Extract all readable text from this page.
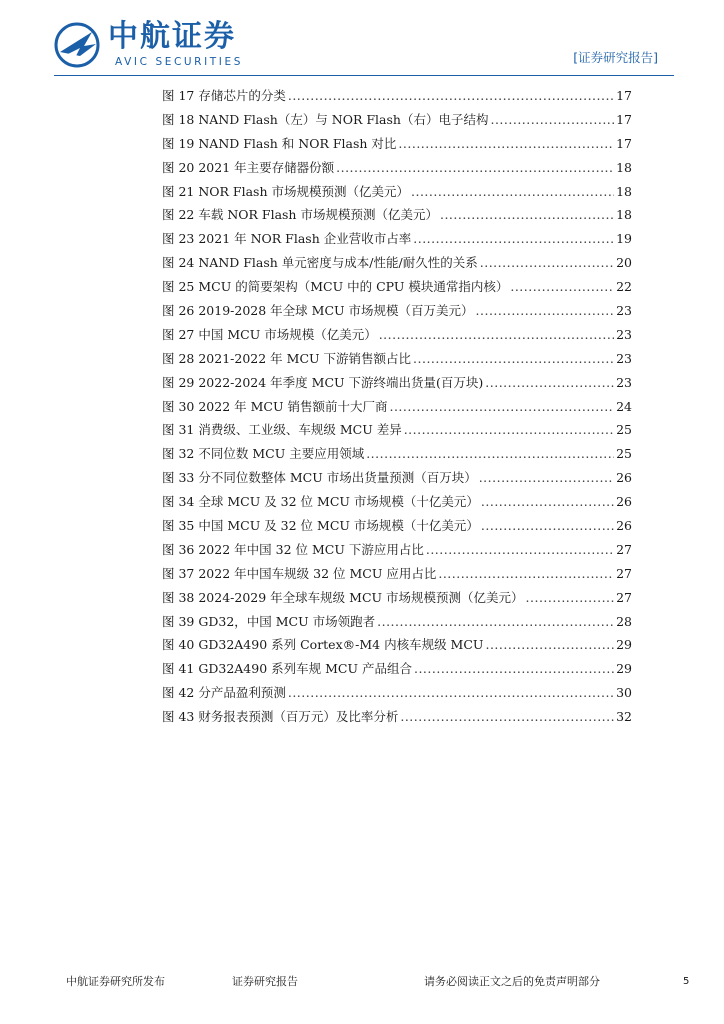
中航证券
AVIC SECURITIES	[证券研究报告]
图 17 存储芯片的分类 .....	17
图 18 NAND Flash（左）与 NOR Flash（右）电子结构 .....	17
图 19 NAND Flash 和 NOR Flash 对比 .....	17
图 20 2021 年主要存储器份额 .....	18
图 21 NOR Flash 市场规模预测（亿美元） .....	18
图 22 车载 NOR Flash 市场规模预测（亿美元） .....	18
图 23 2021 年 NOR Flash 企业营收市占率 .....	19
图 24 NAND Flash 单元密度与成本/性能/耐久性的关系 .....	20
图 25 MCU 的简要架构（MCU 中的 CPU 模块通常指内核） .....	22
图 26 2019-2028 年全球 MCU 市场规模（百万美元） .....	23
图 27 中国 MCU 市场规模（亿美元） .....	23
图 28 2021-2022 年 MCU 下游销售额占比 .....	23
图 29 2022-2024 年季度 MCU 下游终端出货量(百万块) .....	23
图 30 2022 年 MCU 销售额前十大厂商 .....	24
图 31 消费级、工业级、车规级 MCU 差异 .....	25
图 32 不同位数 MCU 主要应用领域 .....	25
图 33 分不同位数整体 MCU 市场出货量预测（百万块） .....	26
图 34 全球 MCU 及 32 位 MCU 市场规模（十亿美元） .....	26
图 35 中国 MCU 及 32 位 MCU 市场规模（十亿美元） .....	26
图 36 2022 年中国 32 位 MCU 下游应用占比 .....	27
图 37 2022 年中国车规级 32 位 MCU 应用占比 .....	27
图 38 2024-2029 年全球车规级 MCU 市场规模预测（亿美元） .....	27
图 39 GD32，中国 MCU 市场领跑者 .....	28
图 40 GD32A490 系列 Cortex®-M4 内核车规级 MCU .....	29
图 41 GD32A490 系列车规 MCU 产品组合 .....	29
图 42 分产品盈利预测 .....	30
图 43 财务报表预测（百万元）及比率分析 .....	32
中航证券研究所发布	证券研究报告	请务必阅读正文之后的免责声明部分	5
